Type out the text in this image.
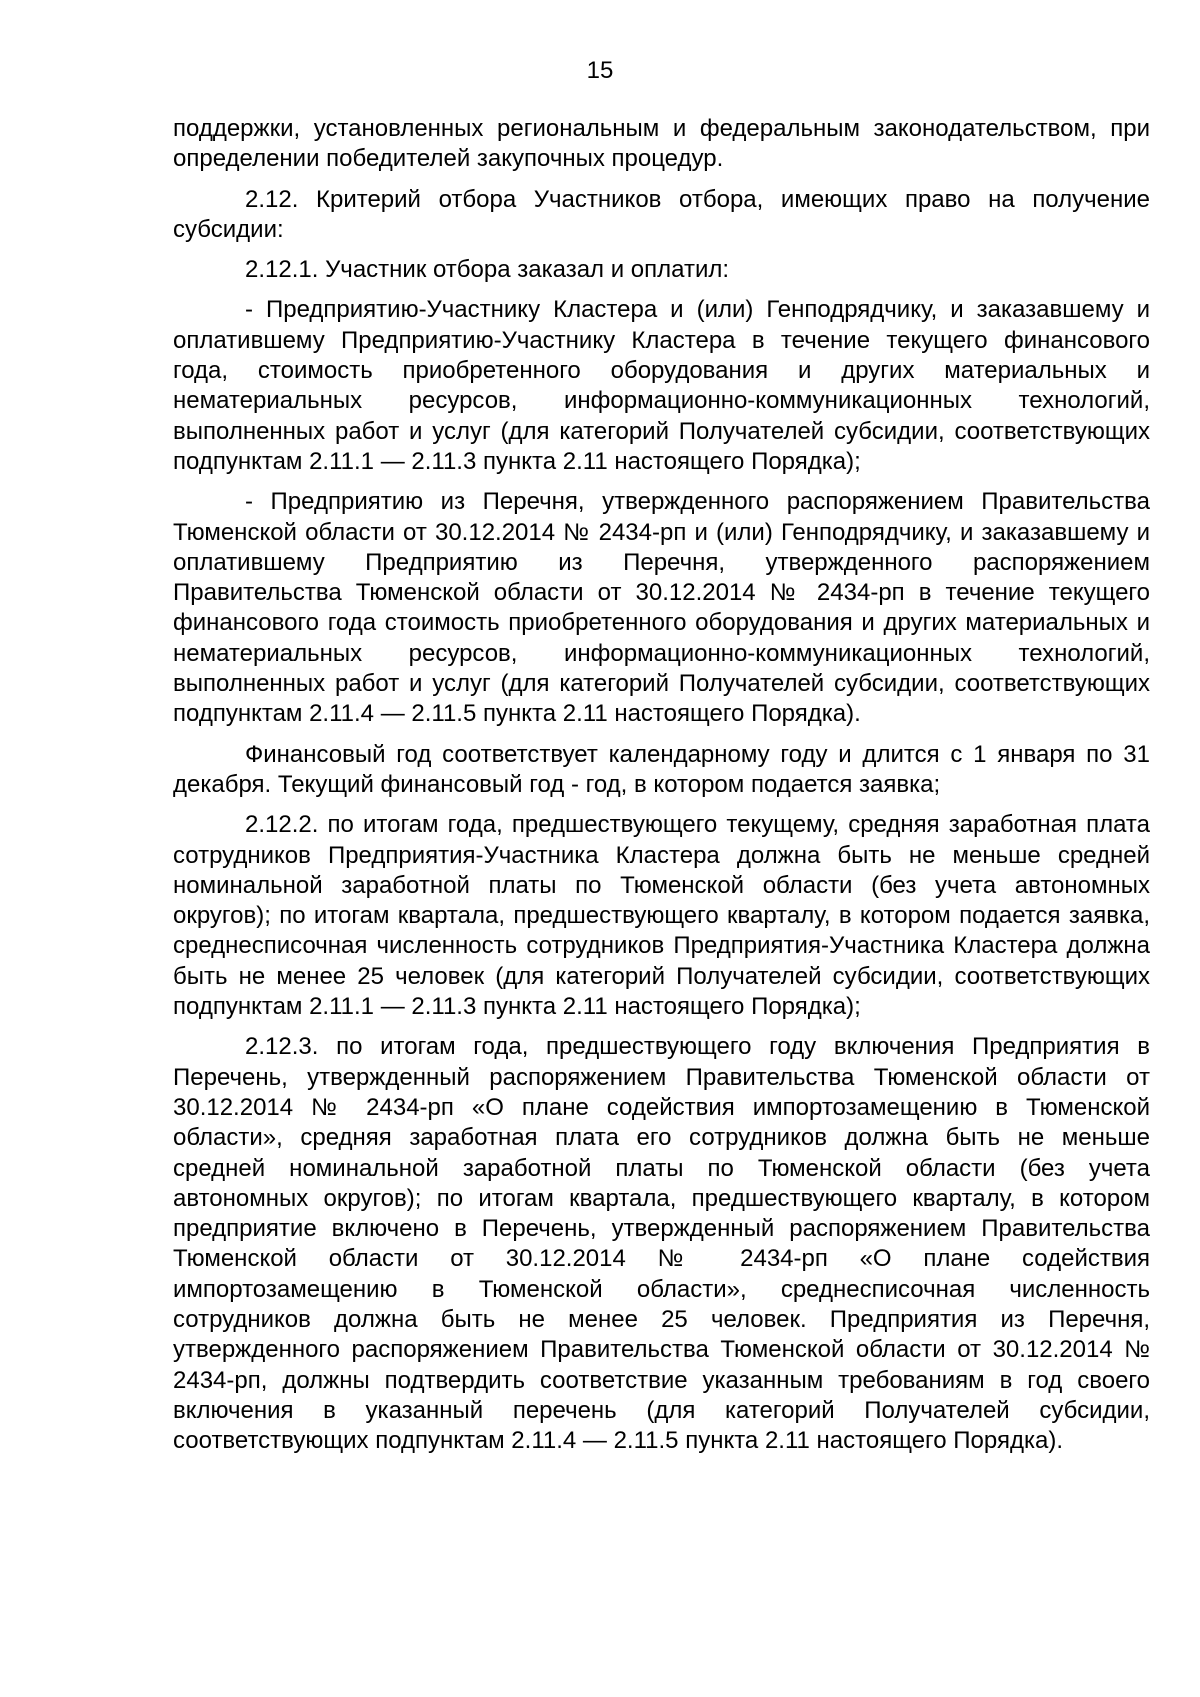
15

поддержки, установленных региональным и федеральным законодательством, при определении победителей закупочных процедур.

2.12. Критерий отбора Участников отбора, имеющих право на получение субсидии:

2.12.1. Участник отбора заказал и оплатил:

- Предприятию-Участнику Кластера и (или) Генподрядчику, и заказавшему и оплатившему Предприятию-Участнику Кластера в течение текущего финансового года, стоимость приобретенного оборудования и других материальных и нематериальных ресурсов, информационно-коммуникационных технологий, выполненных работ и услуг (для категорий Получателей субсидии, соответствующих подпунктам 2.11.1 — 2.11.3 пункта 2.11 настоящего Порядка);

- Предприятию из Перечня, утвержденного распоряжением Правительства Тюменской области от 30.12.2014 № 2434-рп и (или) Генподрядчику, и заказавшему и оплатившему Предприятию из Перечня, утвержденного распоряжением Правительства Тюменской области от 30.12.2014 № 2434-рп в течение текущего финансового года стоимость приобретенного оборудования и других материальных и нематериальных ресурсов, информационно-коммуникационных технологий, выполненных работ и услуг (для категорий Получателей субсидии, соответствующих подпунктам 2.11.4 — 2.11.5 пункта 2.11 настоящего Порядка).

Финансовый год соответствует календарному году и длится с 1 января по 31 декабря. Текущий финансовый год - год, в котором подается заявка;

2.12.2. по итогам года, предшествующего текущему, средняя заработная плата сотрудников Предприятия-Участника Кластера должна быть не меньше средней номинальной заработной платы по Тюменской области (без учета автономных округов); по итогам квартала, предшествующего кварталу, в котором подается заявка, среднесписочная численность сотрудников Предприятия-Участника Кластера должна быть не менее 25 человек (для категорий Получателей субсидии, соответствующих подпунктам 2.11.1 — 2.11.3 пункта 2.11 настоящего Порядка);

2.12.3. по итогам года, предшествующего году включения Предприятия в Перечень, утвержденный распоряжением Правительства Тюменской области от 30.12.2014 № 2434-рп «О плане содействия импортозамещению в Тюменской области», средняя заработная плата его сотрудников должна быть не меньше средней номинальной заработной платы по Тюменской области (без учета автономных округов); по итогам квартала, предшествующего кварталу, в котором предприятие включено в Перечень, утвержденный распоряжением Правительства Тюменской области от 30.12.2014 № 2434-рп «О плане содействия импортозамещению в Тюменской области», среднесписочная численность сотрудников должна быть не менее 25 человек. Предприятия из Перечня, утвержденного распоряжением Правительства Тюменской области от 30.12.2014 № 2434-рп, должны подтвердить соответствие указанным требованиям в год своего включения в указанный перечень (для категорий Получателей субсидии, соответствующих подпунктам 2.11.4 — 2.11.5 пункта 2.11 настоящего Порядка).
